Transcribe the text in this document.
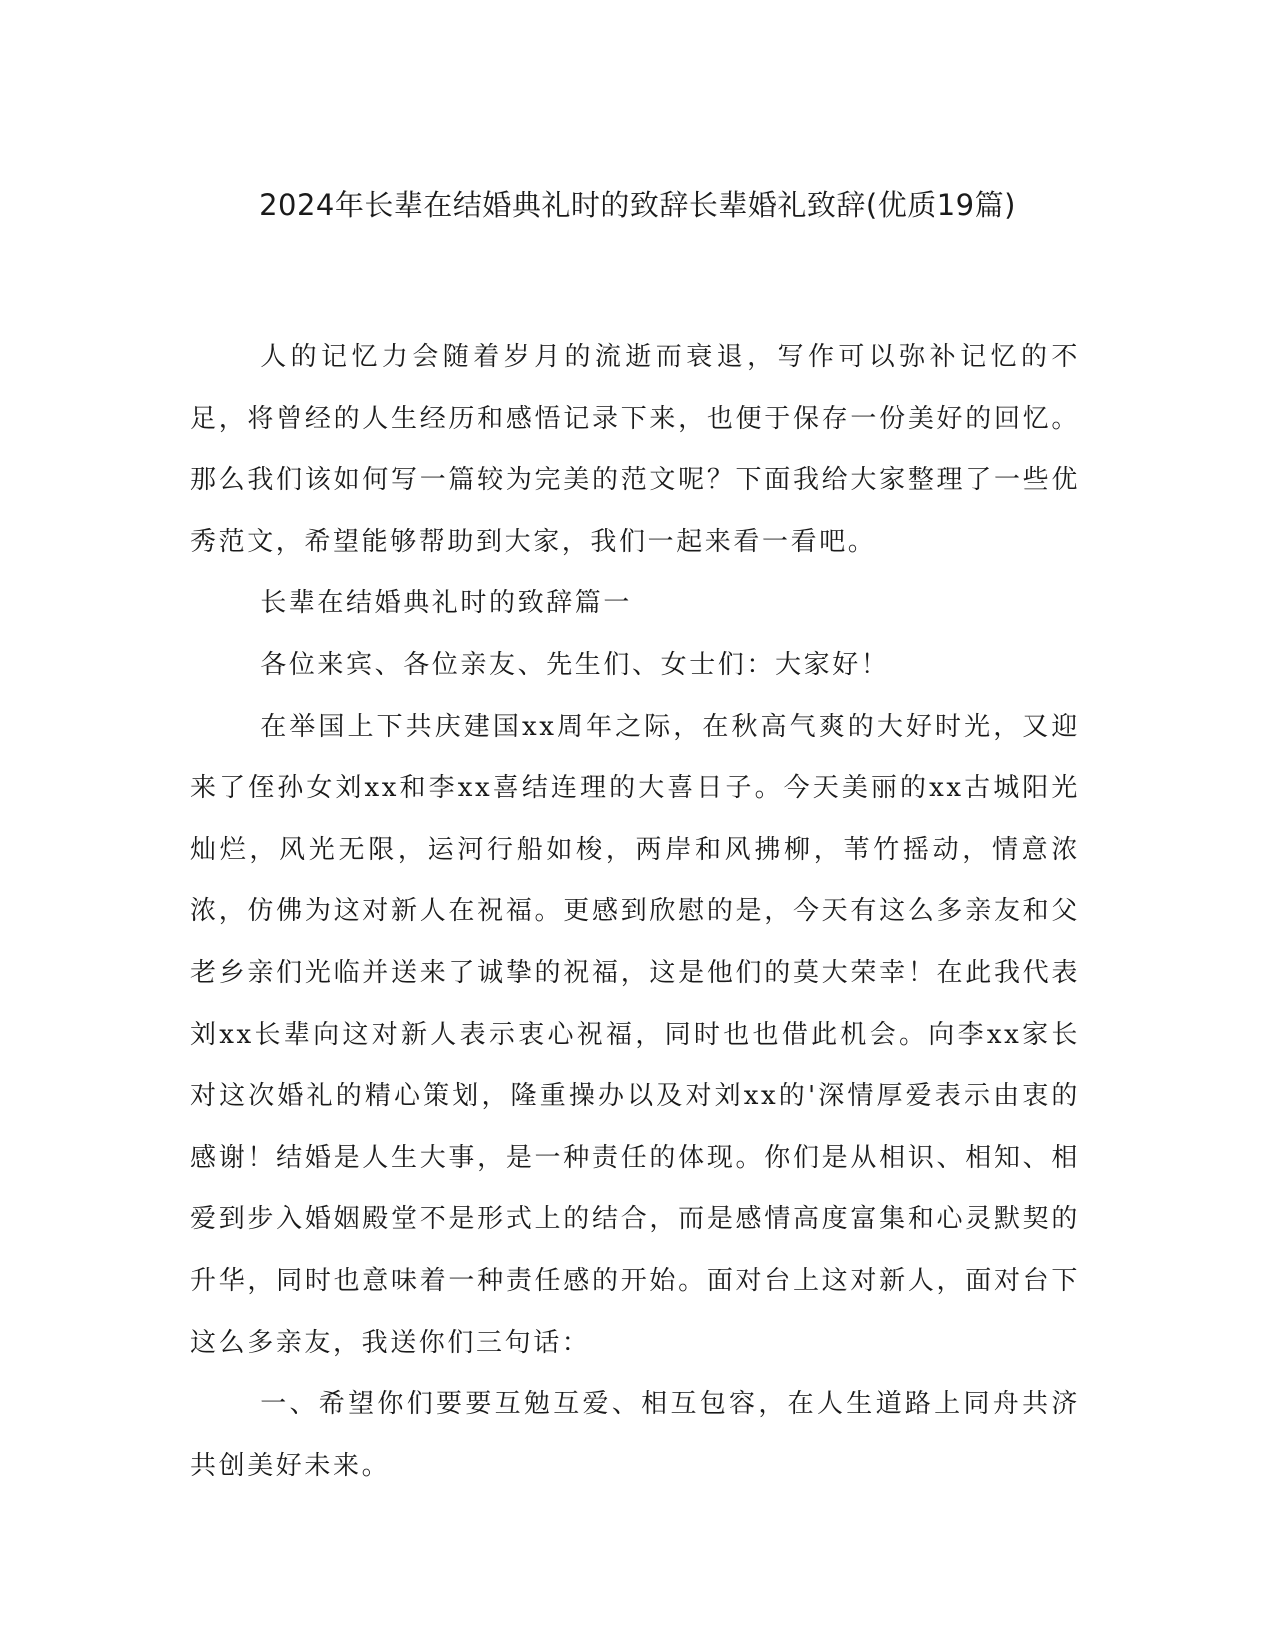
2024年长辈在结婚典礼时的致辞长辈婚礼致辞(优质19篇)

人的记忆力会随着岁月的流逝而衰退，写作可以弥补记忆的不足，将曾经的人生经历和感悟记录下来，也便于保存一份美好的回忆。那么我们该如何写一篇较为完美的范文呢？下面我给大家整理了一些优秀范文，希望能够帮助到大家，我们一起来看一看吧。

长辈在结婚典礼时的致辞篇一

各位来宾、各位亲友、先生们、女士们：大家好！

在举国上下共庆建国xx周年之际，在秋高气爽的大好时光，又迎来了侄孙女刘xx和李xx喜结连理的大喜日子。今天美丽的xx古城阳光灿烂，风光无限，运河行船如梭，两岸和风拂柳，苇竹摇动，情意浓浓，仿佛为这对新人在祝福。更感到欣慰的是，今天有这么多亲友和父老乡亲们光临并送来了诚挚的祝福，这是他们的莫大荣幸！在此我代表刘xx长辈向这对新人表示衷心祝福，同时也也借此机会。向李xx家长对这次婚礼的精心策划，隆重操办以及对刘xx的'深情厚爱表示由衷的感谢！结婚是人生大事，是一种责任的体现。你们是从相识、相知、相爱到步入婚姻殿堂不是形式上的结合，而是感情高度富集和心灵默契的升华，同时也意味着一种责任感的开始。面对台上这对新人，面对台下这么多亲友，我送你们三句话：

一、希望你们要要互勉互爱、相互包容，在人生道路上同舟共济共创美好未来。
